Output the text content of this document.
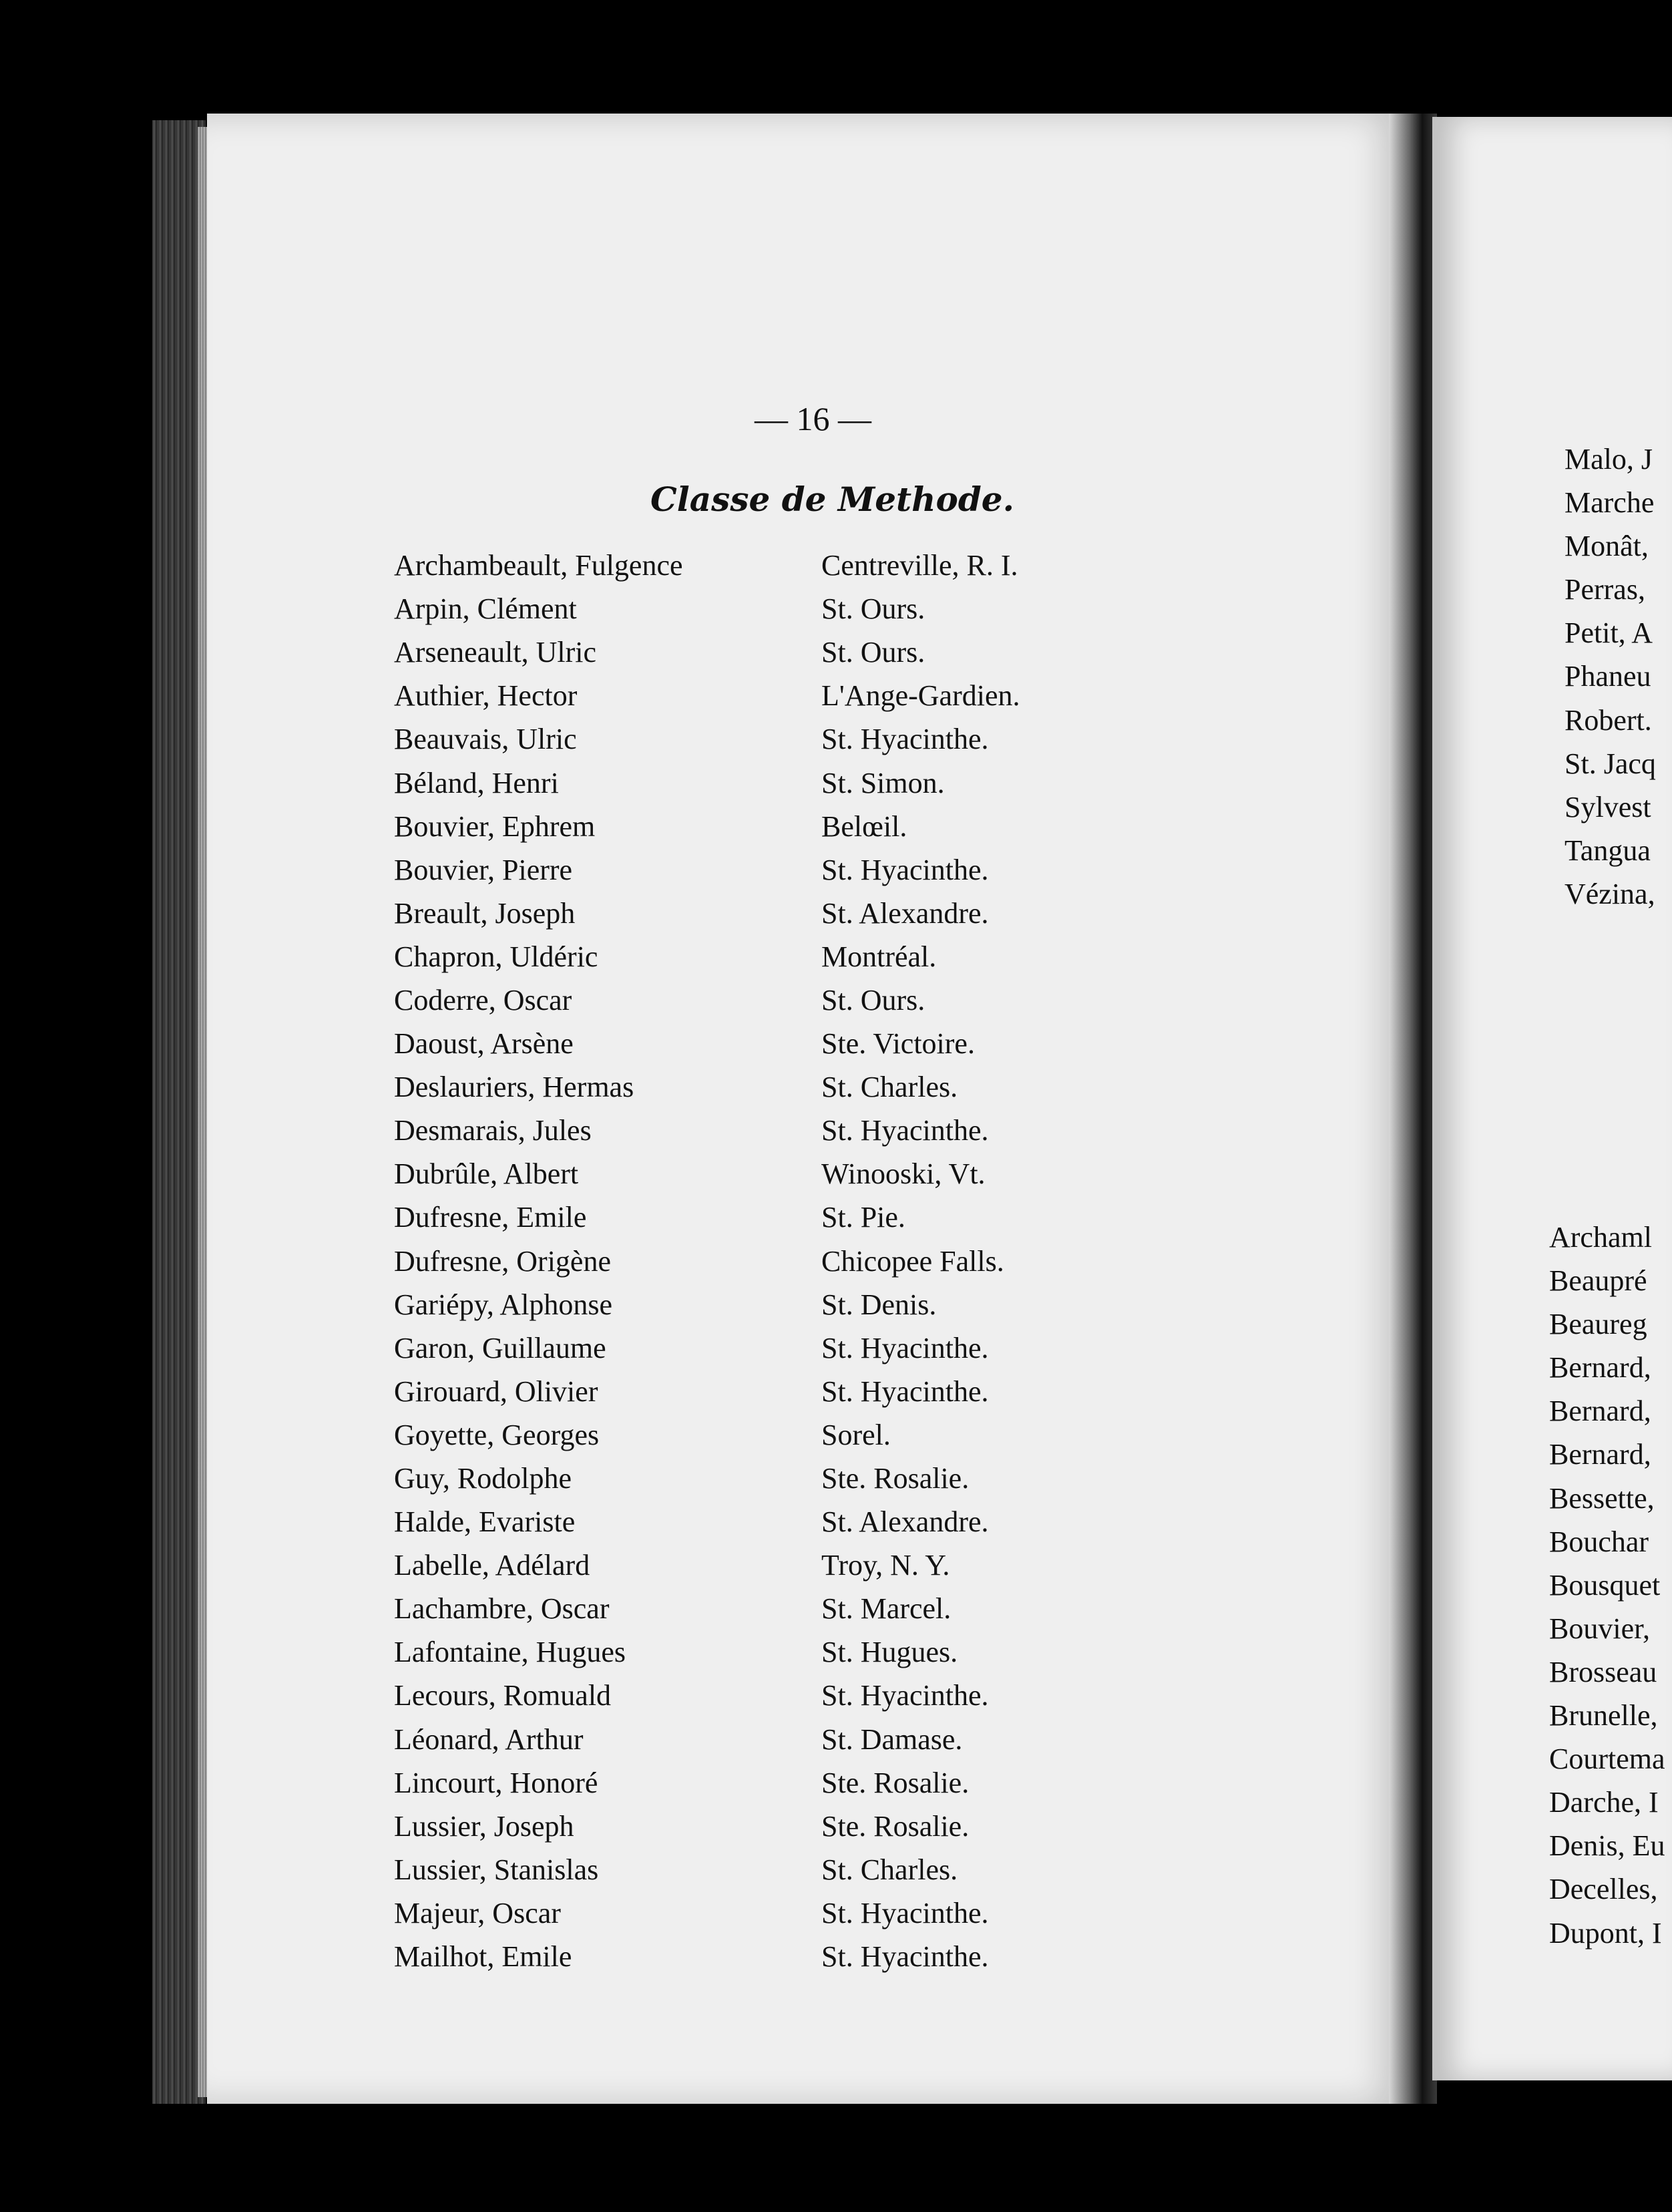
— 16 —
Classe de Methode.
Archambeault, Fulgence	Centreville, R. I.
Arpin, Clément	St. Ours.
Arseneault, Ulric	St. Ours.
Authier, Hector	L'Ange-Gardien.
Beauvais, Ulric	St. Hyacinthe.
Béland, Henri	St. Simon.
Bouvier, Ephrem	Belœil.
Bouvier, Pierre	St. Hyacinthe.
Breault, Joseph	St. Alexandre.
Chapron, Uldéric	Montréal.
Coderre, Oscar	St. Ours.
Daoust, Arsène	Ste. Victoire.
Deslauriers, Hermas	St. Charles.
Desmarais, Jules	St. Hyacinthe.
Dubrûle, Albert	Winooski, Vt.
Dufresne, Emile	St. Pie.
Dufresne, Origène	Chicopee Falls.
Gariépy, Alphonse	St. Denis.
Garon, Guillaume	St. Hyacinthe.
Girouard, Olivier	St. Hyacinthe.
Goyette, Georges	Sorel.
Guy, Rodolphe	Ste. Rosalie.
Halde, Evariste	St. Alexandre.
Labelle, Adélard	Troy, N. Y.
Lachambre, Oscar	St. Marcel.
Lafontaine, Hugues	St. Hugues.
Lecours, Romuald	St. Hyacinthe.
Léonard, Arthur	St. Damase.
Lincourt, Honoré	Ste. Rosalie.
Lussier, Joseph	Ste. Rosalie.
Lussier, Stanislas	St. Charles.
Majeur, Oscar	St. Hyacinthe.
Mailhot, Emile	St. Hyacinthe.
Malo, J
Marche
Monât,
Perras,
Petit, A
Phaneu
Robert.
St. Jacq
Sylvest
Tangua
Vézina,
Archaml
Beaupré
Beaureg
Bernard,
Bernard,
Bernard,
Bessette,
Bouchar
Bousquet
Bouvier,
Brosseau
Brunelle,
Courtema
Darche, I
Denis, Eu
Decelles,
Dupont, I
